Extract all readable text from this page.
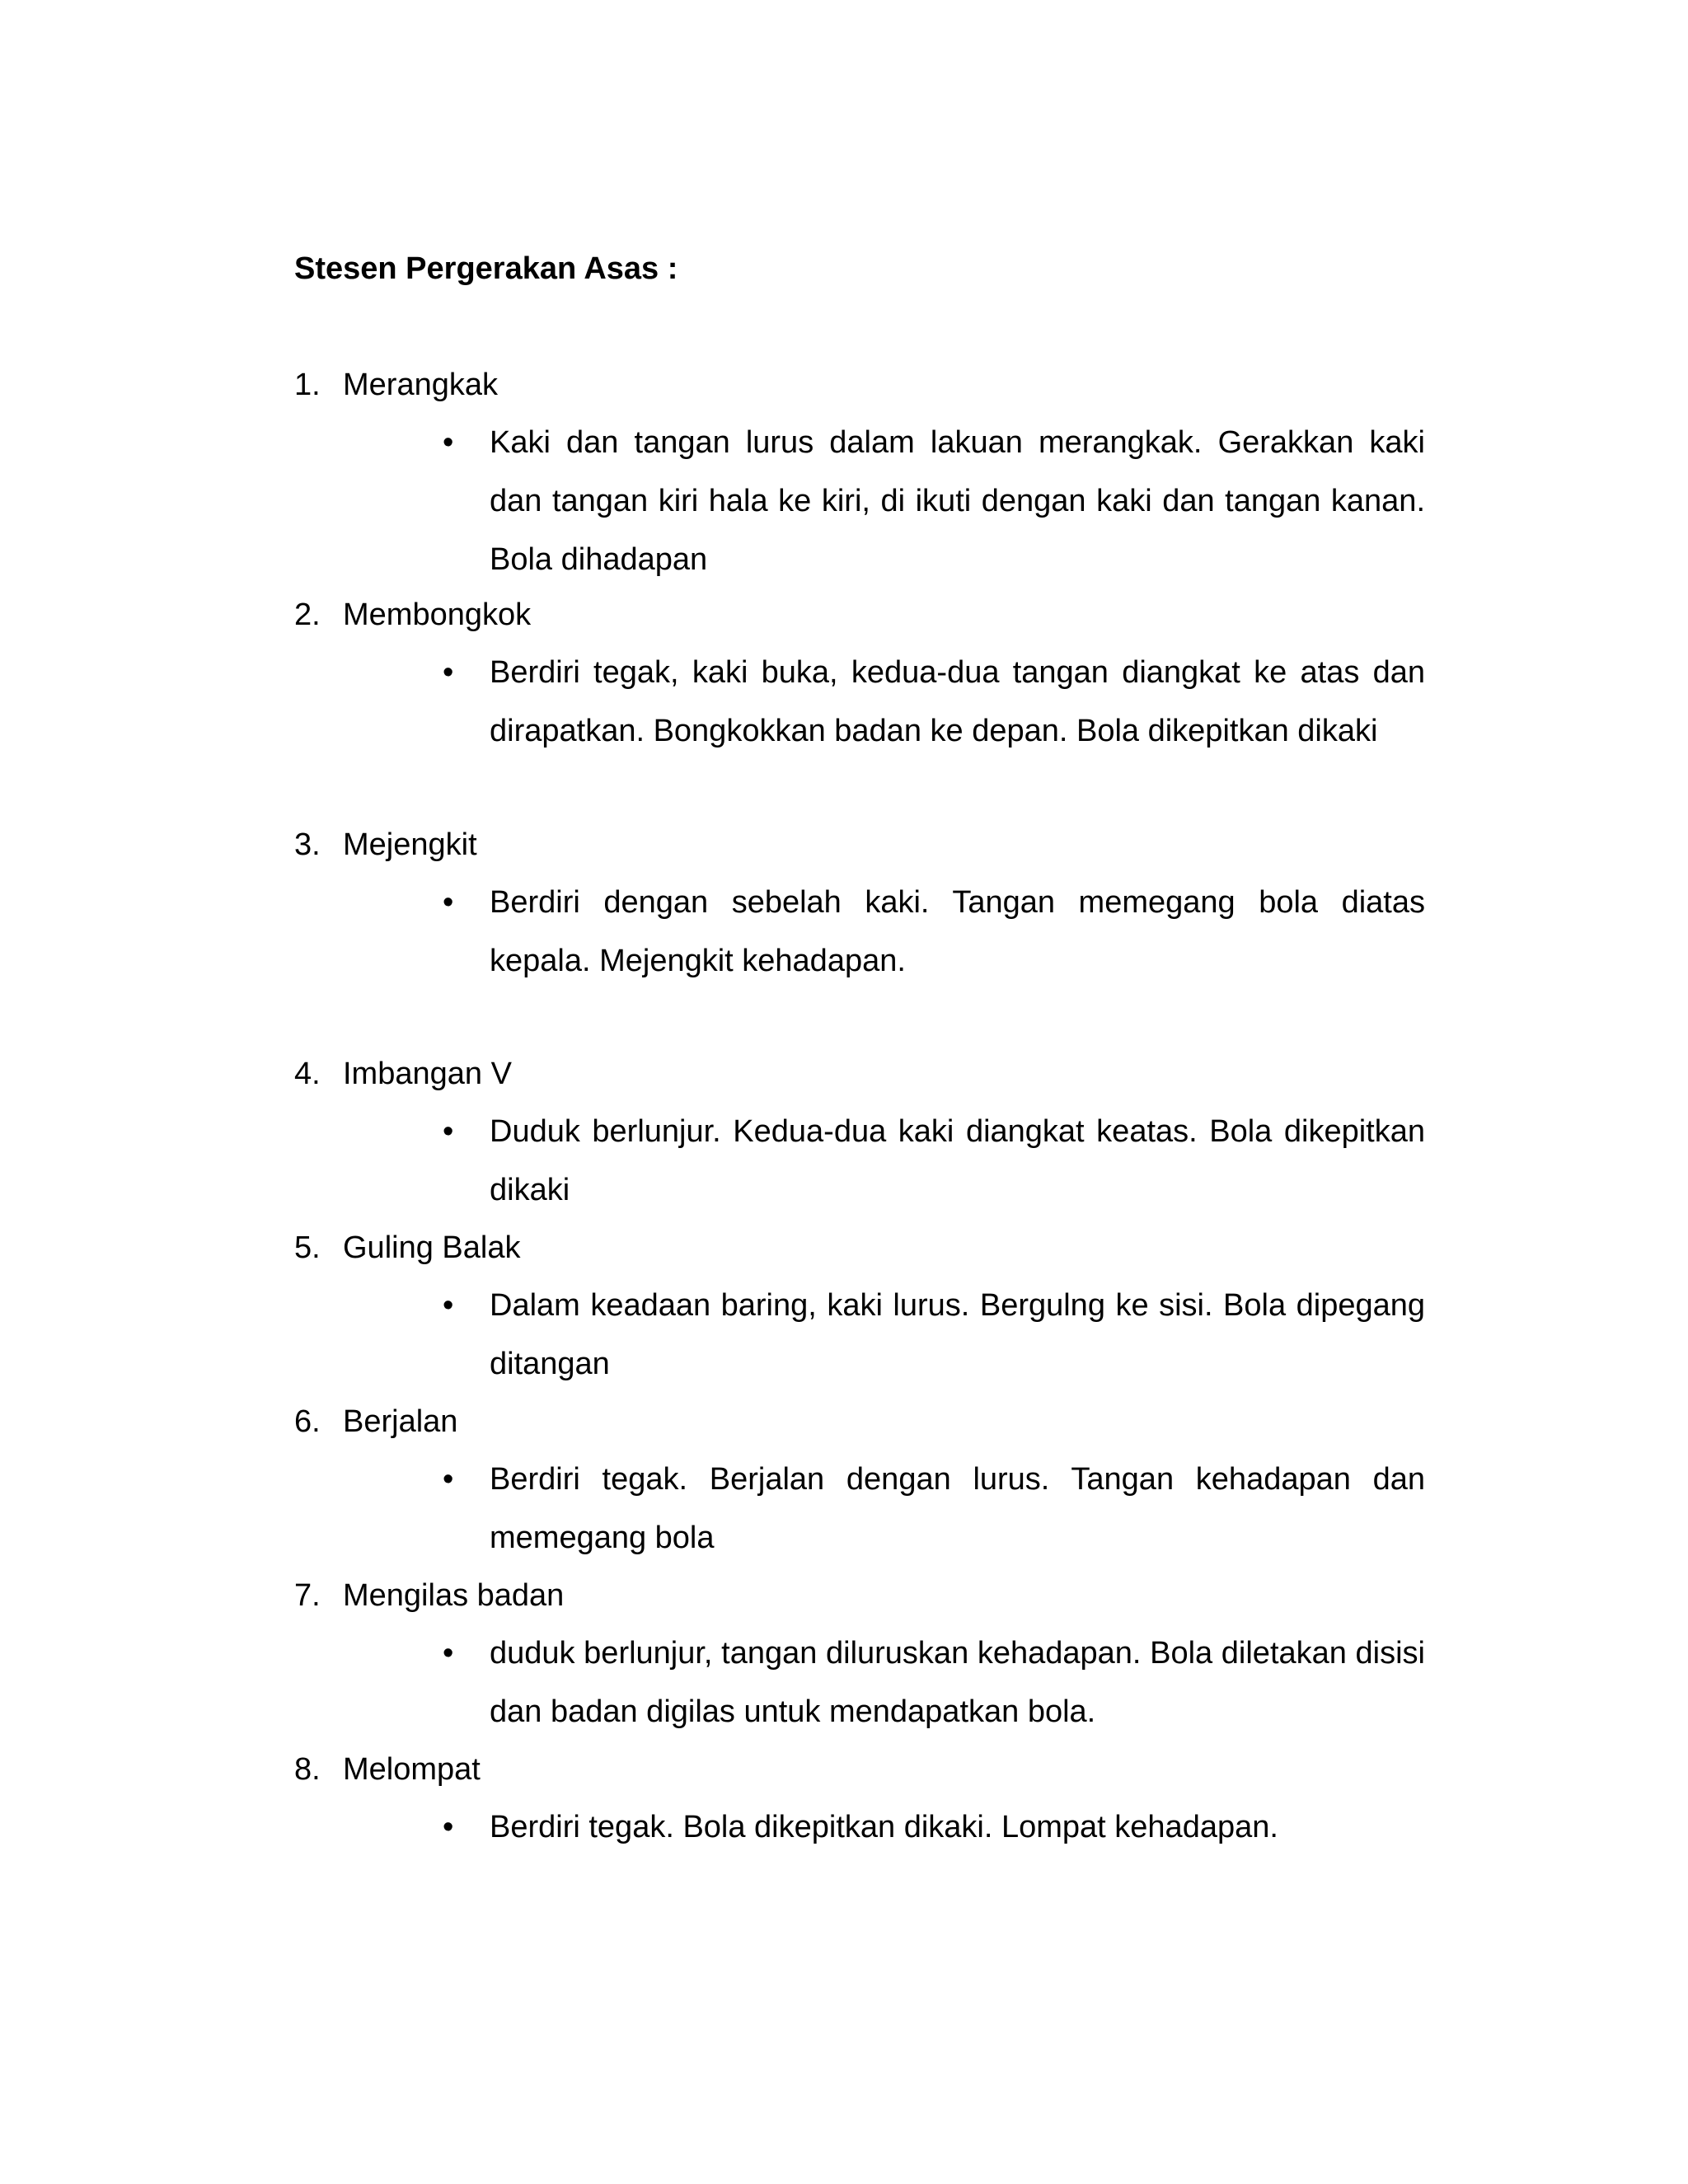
Stesen Pergerakan Asas :
1. Merangkak
• Kaki dan tangan lurus dalam lakuan merangkak. Gerakkan kaki dan tangan kiri hala ke kiri, di ikuti dengan kaki dan tangan kanan. Bola dihadapan
2. Membongkok
• Berdiri tegak, kaki buka, kedua-dua tangan diangkat ke atas dan dirapatkan. Bongkokkan badan ke depan. Bola dikepitkan dikaki
3. Mejengkit
• Berdiri dengan sebelah kaki. Tangan memegang bola diatas kepala. Mejengkit kehadapan.
4. Imbangan V
• Duduk berlunjur. Kedua-dua kaki diangkat keatas. Bola dikepitkan dikaki
5. Guling Balak
• Dalam keadaan baring, kaki lurus. Bergulng ke sisi. Bola dipegang ditangan
6. Berjalan
• Berdiri tegak. Berjalan dengan lurus. Tangan kehadapan dan memegang bola
7. Mengilas badan
• duduk berlunjur, tangan diluruskan kehadapan. Bola diletakan disisi dan badan digilas untuk mendapatkan bola.
8. Melompat
• Berdiri tegak. Bola dikepitkan dikaki. Lompat kehadapan.
